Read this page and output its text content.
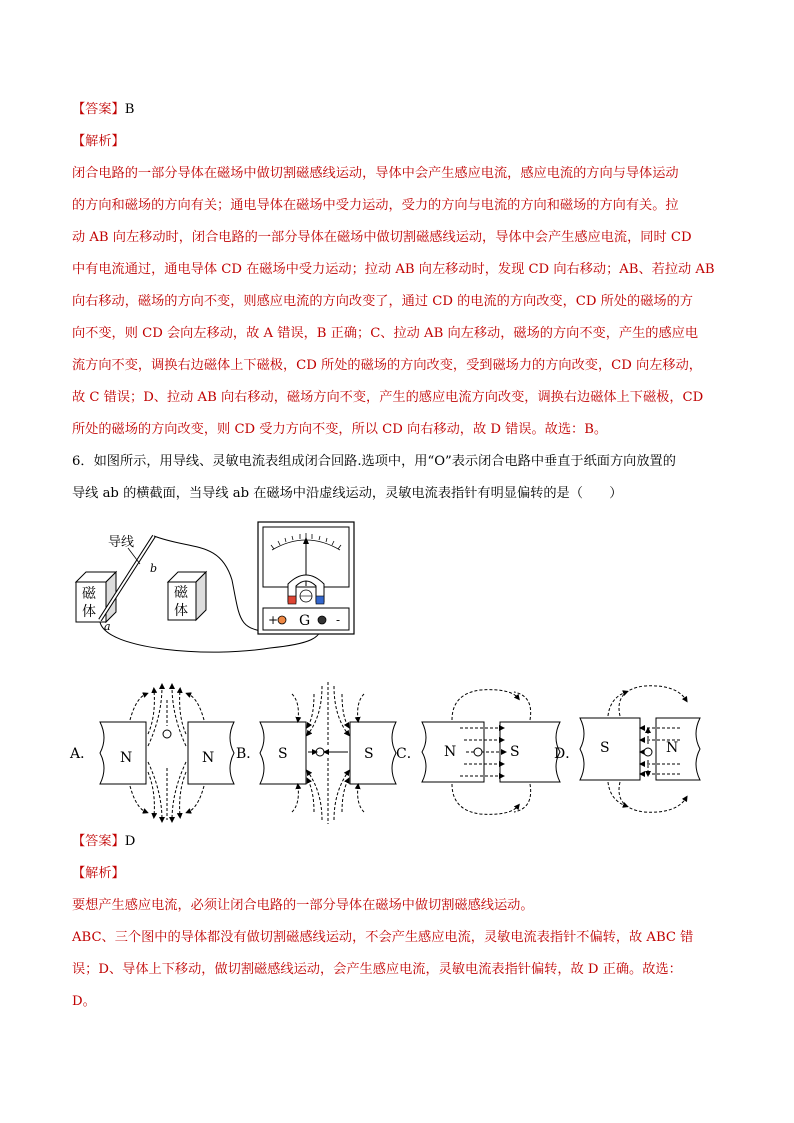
【答案】B
【解析】
闭合电路的一部分导体在磁场中做切割磁感线运动，导体中会产生感应电流，感应电流的方向与导体运动
的方向和磁场的方向有关；通电导体在磁场中受力运动，受力的方向与电流的方向和磁场的方向有关。拉
动 AB 向左移动时，闭合电路的一部分导体在磁场中做切割磁感线运动，导体中会产生感应电流，同时 CD
中有电流通过，通电导体 CD 在磁场中受力运动；拉动 AB 向左移动时，发现 CD 向右移动；AB、若拉动 AB
向右移动，磁场的方向不变，则感应电流的方向改变了，通过 CD 的电流的方向改变，CD 所处的磁场的方
向不变，则 CD 会向左移动，故 A 错误，B 正确；C、拉动 AB 向左移动，磁场的方向不变，产生的感应电
流方向不变，调换右边磁体上下磁极，CD 所处的磁场的方向改变，受到磁场力的方向改变，CD 向左移动，
故 C 错误；D、拉动 AB 向右移动，磁场方向不变，产生的感应电流方向改变，调换右边磁体上下磁极，CD
所处的磁场的方向改变，则 CD 受力方向不变，所以 CD 向右移动，故 D 错误。故选：B。
6．如图所示，用导线、灵敏电流表组成闭合回路.选项中，用“O”表示闭合电路中垂直于纸面方向放置的
导线 ab 的横截面，当导线 ab 在磁场中沿虚线运动，灵敏电流表指针有明显偏转的是（　　）
磁
体
磁
体
a
b
导线
+ G -
A． N	N B． S	S C． N	S D． S	N
【答案】D
【解析】
要想产生感应电流，必须让闭合电路的一部分导体在磁场中做切割磁感线运动。
ABC、三个图中的导体都没有做切割磁感线运动，不会产生感应电流，灵敏电流表指针不偏转，故 ABC 错
误；D、导体上下移动，做切割磁感线运动，会产生感应电流，灵敏电流表指针偏转，故 D 正确。故选：
D。
